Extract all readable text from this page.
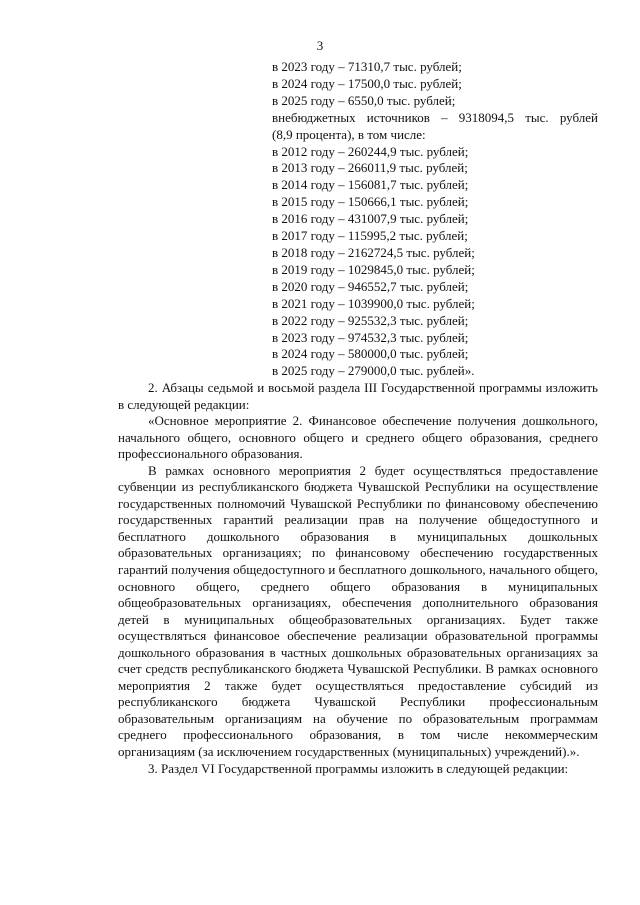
3
в 2023 году – 71310,7 тыс. рублей;
в 2024 году – 17500,0 тыс. рублей;
в 2025 году – 6550,0 тыс. рублей;
внебюджетных источников – 9318094,5 тыс. рублей
(8,9 процента), в том числе:
в 2012 году – 260244,9 тыс. рублей;
в 2013 году – 266011,9 тыс. рублей;
в 2014 году – 156081,7 тыс. рублей;
в 2015 году – 150666,1 тыс. рублей;
в 2016 году – 431007,9 тыс. рублей;
в 2017 году – 115995,2 тыс. рублей;
в 2018 году – 2162724,5 тыс. рублей;
в 2019 году – 1029845,0 тыс. рублей;
в 2020 году – 946552,7 тыс. рублей;
в 2021 году – 1039900,0 тыс. рублей;
в 2022 году – 925532,3 тыс. рублей;
в 2023 году – 974532,3 тыс. рублей;
в 2024 году – 580000,0 тыс. рублей;
в 2025 году – 279000,0 тыс. рублей».

2. Абзацы седьмой и восьмой раздела III Государственной программы изложить в следующей редакции:

«Основное мероприятие 2. Финансовое обеспечение получения дошкольного, начального общего, основного общего и среднего общего образования, среднего профессионального образования.

В рамках основного мероприятия 2 будет осуществляться предоставление субвенции из республиканского бюджета Чувашской Республики на осуществление государственных полномочий Чувашской Республики по финансовому обеспечению государственных гарантий реализации прав на получение общедоступного и бесплатного дошкольного образования в муниципальных дошкольных образовательных организациях; по финансовому обеспечению государственных гарантий получения общедоступного и бесплатного дошкольного, начального общего, основного общего, среднего общего образования в муниципальных общеобразовательных организациях, обеспечения дополнительного образования детей в муниципальных общеобразовательных организациях. Будет также осуществляться финансовое обеспечение реализации образовательной программы дошкольного образования в частных дошкольных образовательных организациях за счет средств республиканского бюджета Чувашской Республики. В рамках основного мероприятия 2 также будет осуществляться предоставление субсидий из республиканского бюджета Чувашской Республики профессиональным образовательным организациям на обучение по образовательным программам среднего профессионального образования, в том числе некоммерческим организациям (за исключением государственных (муниципальных) учреждений).».

3. Раздел VI Государственной программы изложить в следующей редакции:
